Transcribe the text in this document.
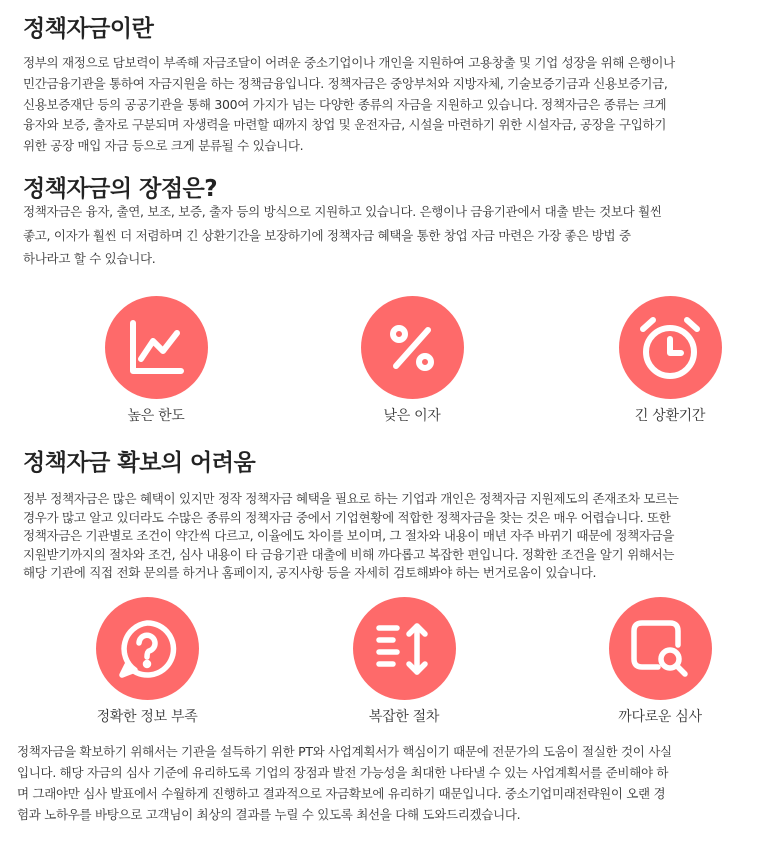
정책자금이란
정부의 재정으로 담보력이 부족해 자금조달이 어려운 중소기업이나 개인을 지원하여 고용창출 및 기업 성장을 위해 은행이나
민간금융기관을 통하여 자금지원을 하는 정책금융입니다. 정책자금은 중앙부처와 지방자체, 기술보증기금과 신용보증기금,
신용보증재단 등의 공공기관을 통해 300여 가지가 넘는 다양한 종류의 자금을 지원하고 있습니다. 정책자금은 종류는 크게
융자와 보증, 출자로 구분되며 자생력을 마련할 때까지 창업 및 운전자금, 시설을 마련하기 위한 시설자금, 공장을 구입하기
위한 공장 매입 자금 등으로 크게 분류될 수 있습니다.
정책자금의 장점은?
정책자금은 융자, 출연, 보조, 보증, 출자 등의 방식으로 지원하고 있습니다. 은행이나 금융기관에서 대출 받는 것보다 훨씬
좋고, 이자가 훨씬 더 저렴하며 긴 상환기간을 보장하기에 정책자금 혜택을 통한 창업 자금 마련은 가장 좋은 방법 중
하나라고 할 수 있습니다.
높은 한도	낮은 이자	긴 상환기간
정책자금 확보의 어려움
정부 정책자금은 많은 혜택이 있지만 정작 정책자금 혜택을 필요로 하는 기업과 개인은 정책자금 지원제도의 존재조차 모르는
경우가 많고 알고 있더라도 수많은 종류의 정책자금 중에서 기업현황에 적합한 정책자금을 찾는 것은 매우 어렵습니다. 또한
정책자금은 기관별로 조건이 약간씩 다르고, 이율에도 차이를 보이며, 그 절차와 내용이 매년 자주 바뀌기 때문에 정책자금을
지원받기까지의 절차와 조건, 심사 내용이 타 금융기관 대출에 비해 까다롭고 복잡한 편입니다. 정확한 조건을 알기 위해서는
해당 기관에 직접 전화 문의를 하거나 홈페이지, 공지사항 등을 자세히 검토해봐야 하는 번거로움이 있습니다.
정확한 정보 부족	복잡한 절차	까다로운 심사
정책자금을 확보하기 위해서는 기관을 설득하기 위한 PT와 사업계획서가 핵심이기 때문에 전문가의 도움이 절실한 것이 사실
입니다. 해당 자금의 심사 기준에 유리하도록 기업의 장점과 발전 가능성을 최대한 나타낼 수 있는 사업계획서를 준비해야 하
며 그래야만 심사 발표에서 수월하게 진행하고 결과적으로 자금확보에 유리하기 때문입니다. 중소기업미래전략원이 오랜 경
험과 노하우를 바탕으로 고객님이 최상의 결과를 누릴 수 있도록 최선을 다해 도와드리겠습니다.
